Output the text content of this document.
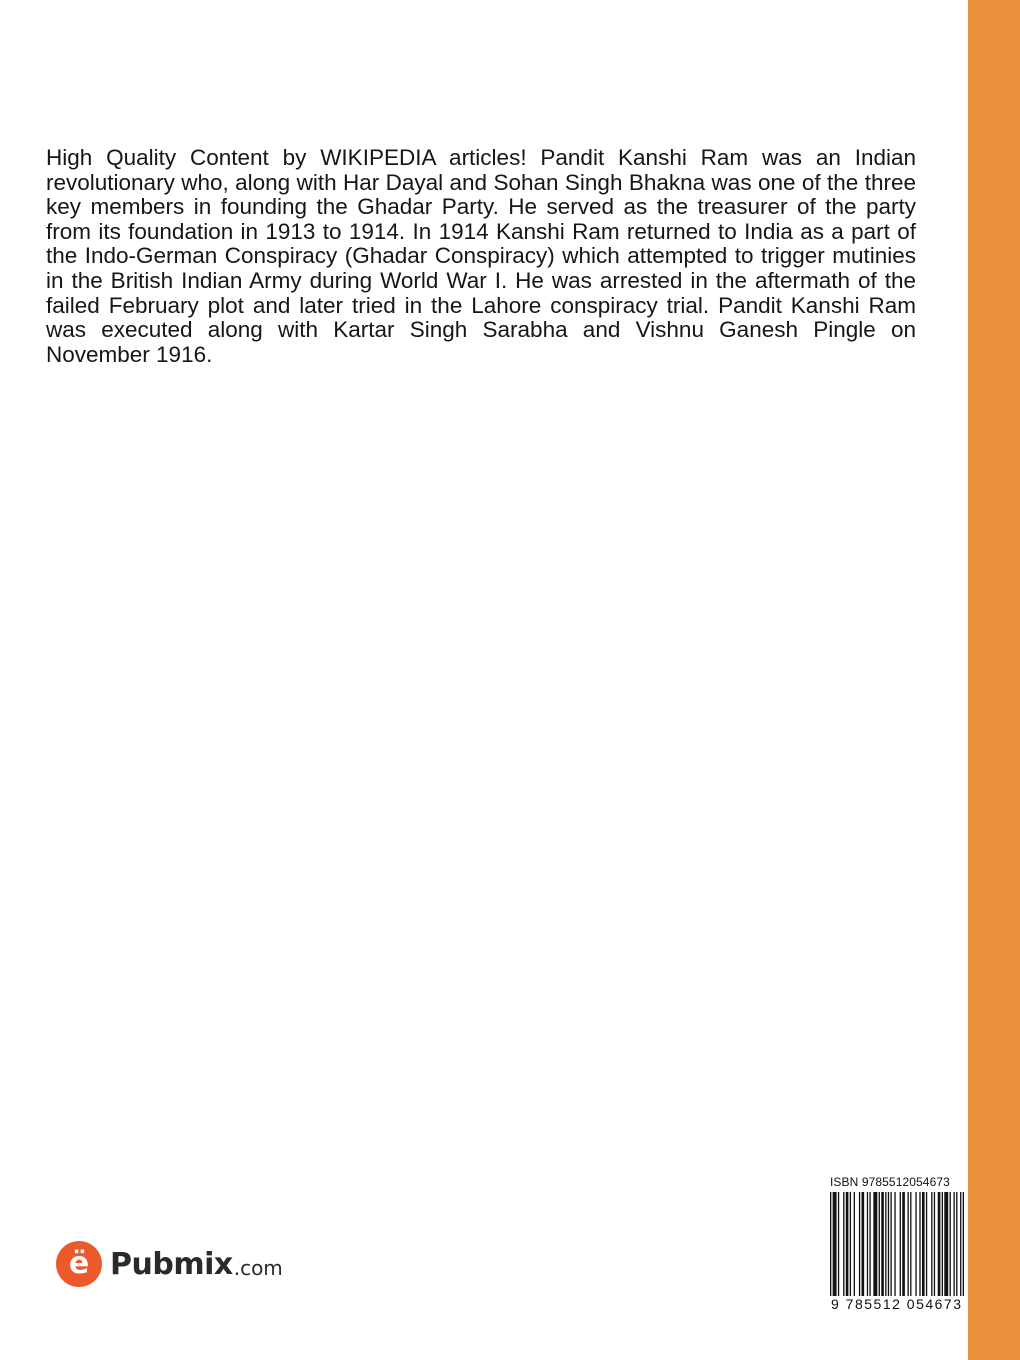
High Quality Content by WIKIPEDIA articles! Pandit Kanshi Ram was an Indian revolutionary who, along with Har Dayal and Sohan Singh Bhakna was one of the three key members in founding the Ghadar Party. He served as the treasurer of the party from its foundation in 1913 to 1914. In 1914 Kanshi Ram returned to India as a part of the Indo-German Conspiracy (Ghadar Conspiracy) which attempted to trigger mutinies in the British Indian Army during World War I. He was arrested in the aftermath of the failed February plot and later tried in the Lahore conspiracy trial. Pandit Kanshi Ram was executed along with Kartar Singh Sarabha and Vishnu Ganesh Pingle on November 1916.

ë Pubmix .com
ISBN 9785512054673
9 785512 054673
